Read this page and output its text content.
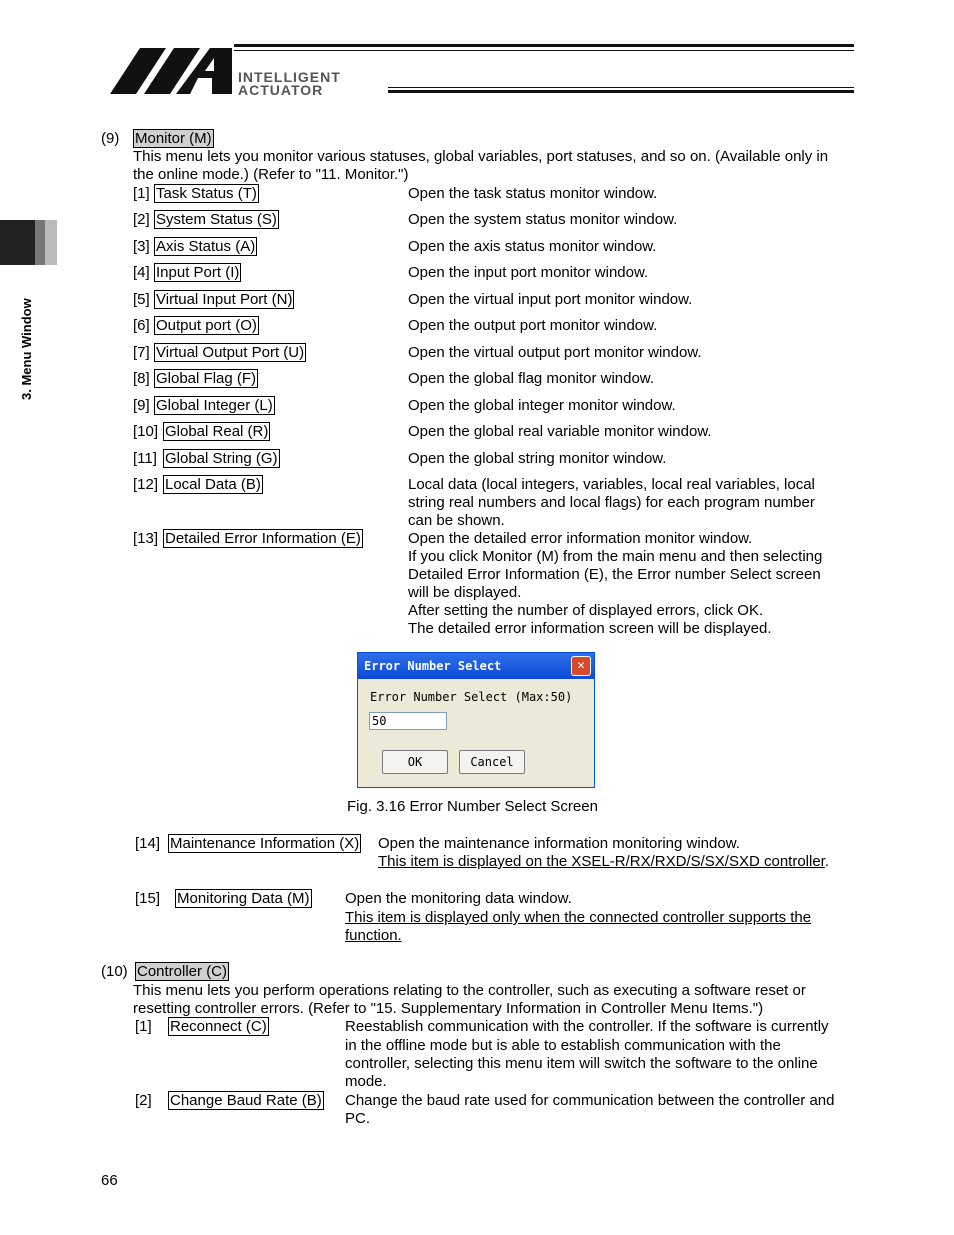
INTELLIGENT
ACTUATOR
3. Menu Window
(9) Monitor (M)
This menu lets you monitor various statuses, global variables, port statuses, and so on. (Available only in
the online mode.) (Refer to "11. Monitor.")
[1] Task Status (T)	Open the task status monitor window.
[2] System Status (S)	Open the system status monitor window.
[3] Axis Status (A)	Open the axis status monitor window.
[4] Input Port (I)	Open the input port monitor window.
[5] Virtual Input Port (N)	Open the virtual input port monitor window.
[6] Output port (O)	Open the output port monitor window.
[7] Virtual Output Port (U)	Open the virtual output port monitor window.
[8] Global Flag (F)	Open the global flag monitor window.
[9] Global Integer (L)	Open the global integer monitor window.
[10] Global Real (R)	Open the global real variable monitor window.
[11] Global String (G)	Open the global string monitor window.
[12] Local Data (B)	Local data (local integers, variables, local real variables, local
string real numbers and local flags) for each program number
can be shown.
[13] Detailed Error Information (E)	Open the detailed error information monitor window.
If you click Monitor (M) from the main menu and then selecting
Detailed Error Information (E), the Error number Select screen
will be displayed.
After setting the number of displayed errors, click OK.
The detailed error information screen will be displayed.
Error Number Select	✕
Error Number Select (Max:50)
50
OK	Cancel
Fig. 3.16 Error Number Select Screen
[14] Maintenance Information (X) Open the maintenance information monitoring window.
This item is displayed on the XSEL-R/RX/RXD/S/SX/SXD controller.
[15] Monitoring Data (M) Open the monitoring data window.
This item is displayed only when the connected controller supports the
function.
(10) Controller (C)
This menu lets you perform operations relating to the controller, such as executing a software reset or
resetting controller errors. (Refer to "15. Supplementary Information in Controller Menu Items.")
[1] Reconnect (C)	Reestablish communication with the controller. If the software is currently
in the offline mode but is able to establish communication with the
controller, selecting this menu item will switch the software to the online
mode.
[2] Change Baud Rate (B) Change the baud rate used for communication between the controller and
PC.
66
